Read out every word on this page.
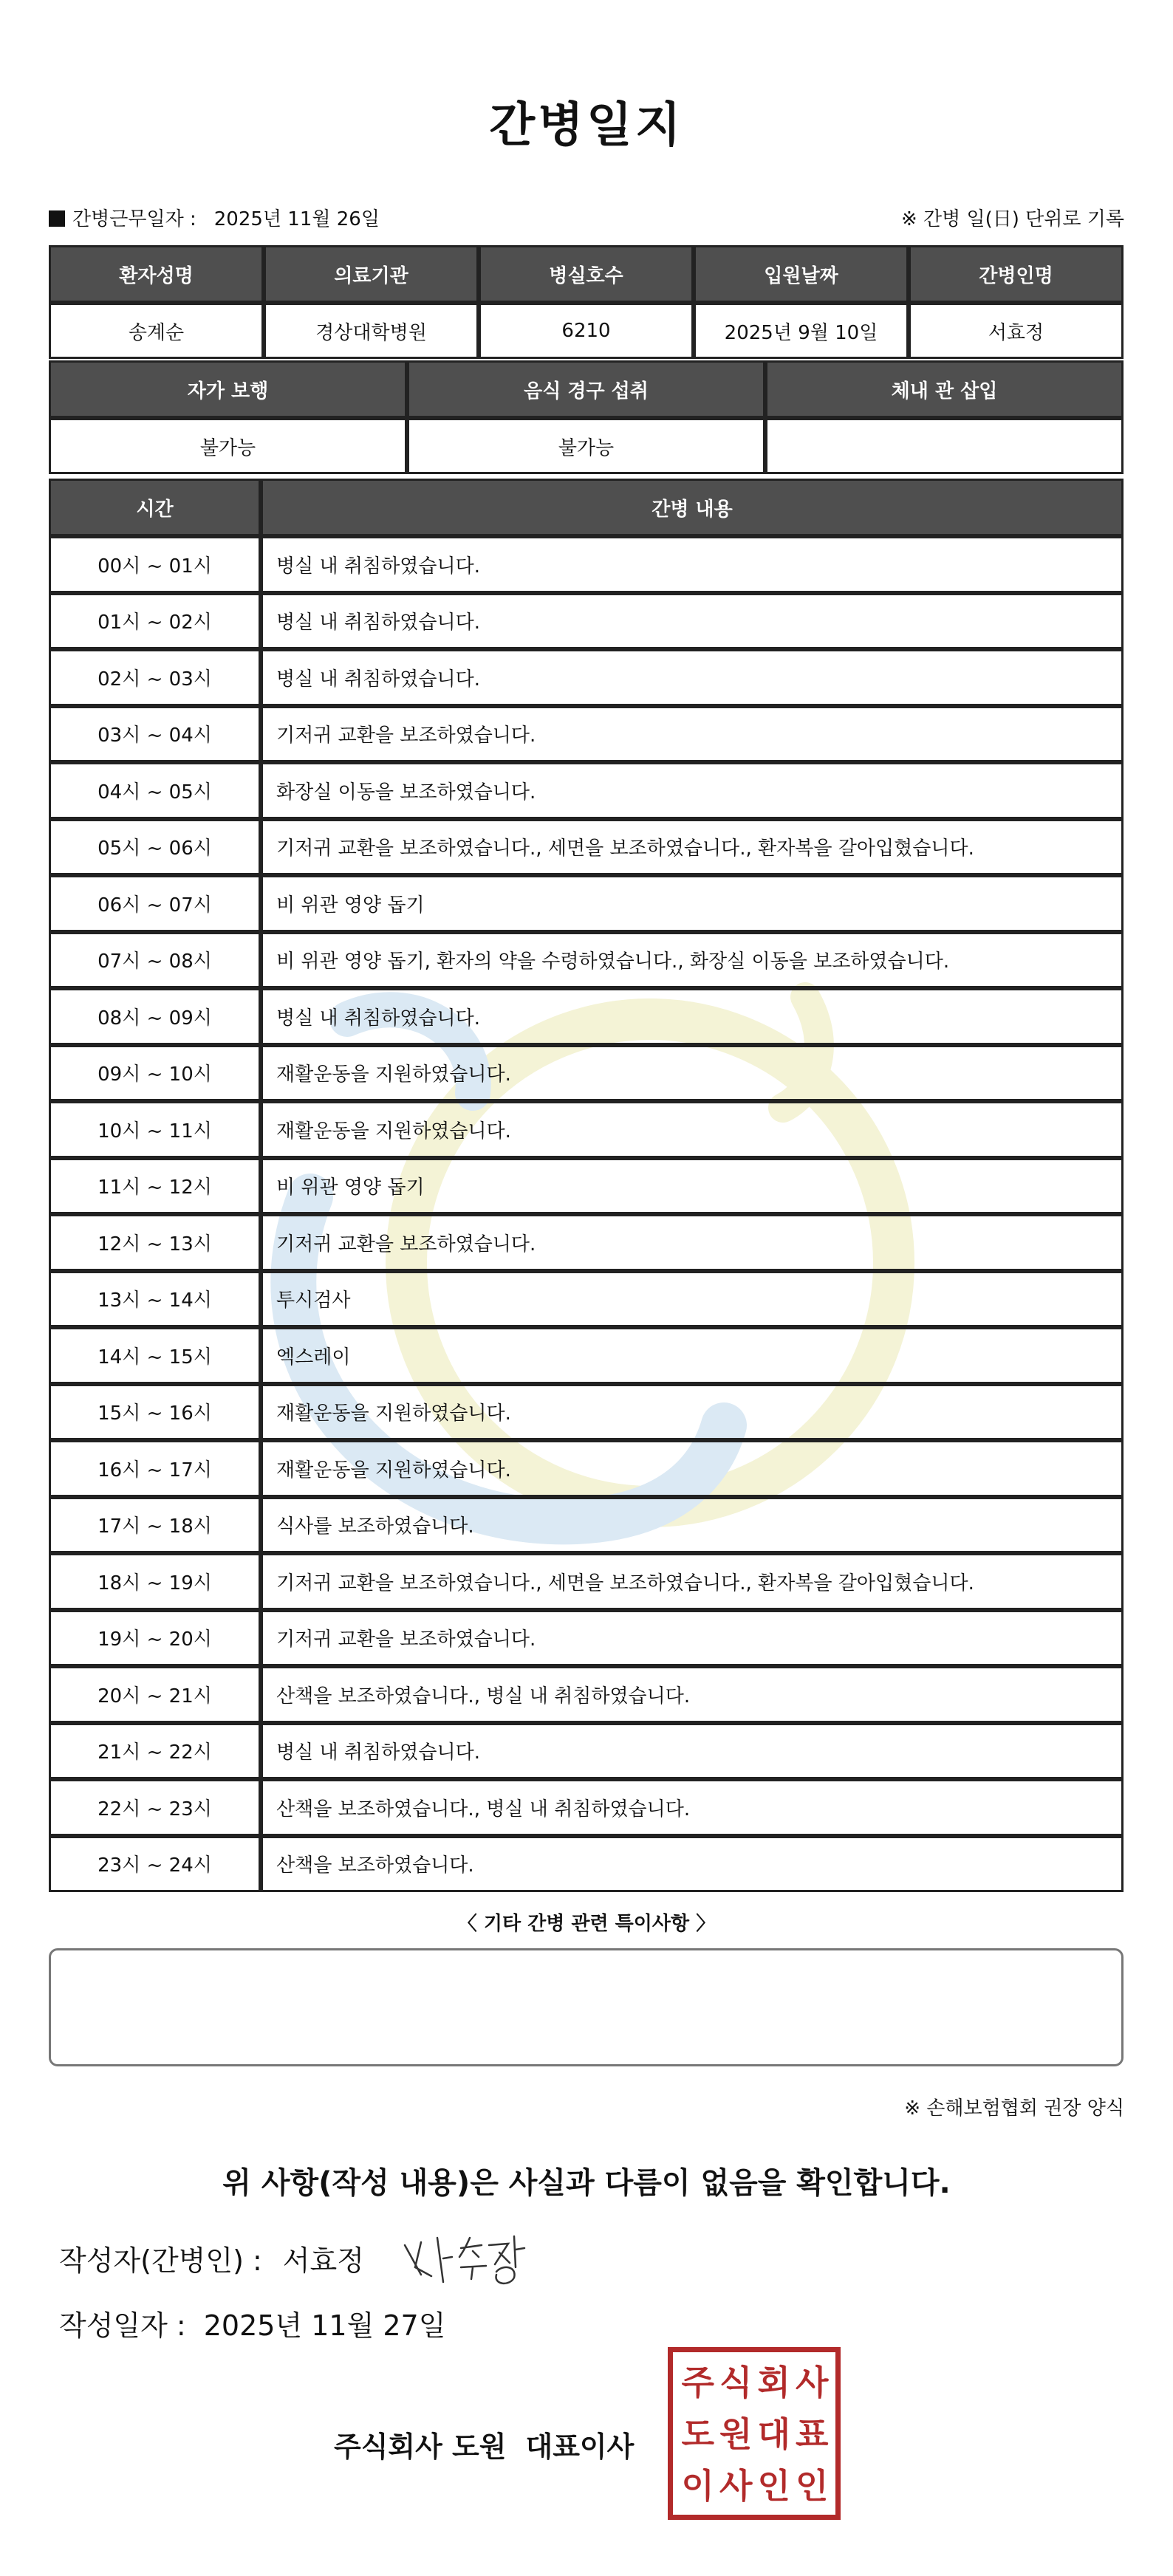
간병일지
간병근무일자 : 2025년 11월 26일	※ 간병 일(日) 단위로 기록
환자성명	의료기관	병실호수	입원날짜	간병인명
송계순	경상대학병원	6210	2025년 9월 10일	서효정
자가 보행	음식 경구 섭취	체내 관 삽입
불가능	불가능	
시간	간병 내용
00시 ~ 01시	병실 내 취침하였습니다.
01시 ~ 02시	병실 내 취침하였습니다.
02시 ~ 03시	병실 내 취침하였습니다.
03시 ~ 04시	기저귀 교환을 보조하였습니다.
04시 ~ 05시	화장실 이동을 보조하였습니다.
05시 ~ 06시	기저귀 교환을 보조하였습니다., 세면을 보조하였습니다., 환자복을 갈아입혔습니다.
06시 ~ 07시	비 위관 영양 돕기
07시 ~ 08시	비 위관 영양 돕기, 환자의 약을 수령하였습니다., 화장실 이동을 보조하였습니다.
08시 ~ 09시	병실 내 취침하였습니다.
09시 ~ 10시	재활운동을 지원하였습니다.
10시 ~ 11시	재활운동을 지원하였습니다.
11시 ~ 12시	비 위관 영양 돕기
12시 ~ 13시	기저귀 교환을 보조하였습니다.
13시 ~ 14시	투시검사
14시 ~ 15시	엑스레이
15시 ~ 16시	재활운동을 지원하였습니다.
16시 ~ 17시	재활운동을 지원하였습니다.
17시 ~ 18시	식사를 보조하였습니다.
18시 ~ 19시	기저귀 교환을 보조하였습니다., 세면을 보조하였습니다., 환자복을 갈아입혔습니다.
19시 ~ 20시	기저귀 교환을 보조하였습니다.
20시 ~ 21시	산책을 보조하였습니다., 병실 내 취침하였습니다.
21시 ~ 22시	병실 내 취침하였습니다.
22시 ~ 23시	산책을 보조하였습니다., 병실 내 취침하였습니다.
23시 ~ 24시	산책을 보조하였습니다.
〈 기타 간병 관련 특이사항 〉
※ 손해보험협회 권장 양식
위 사항(작성 내용)은 사실과 다름이 없음을 확인합니다.
작성자(간병인) : 서효정
작성일자 : 2025년 11월 27일
주식회사 도원 대표이사
주 식 회 사
도 원 대 표
이 사 인 인
